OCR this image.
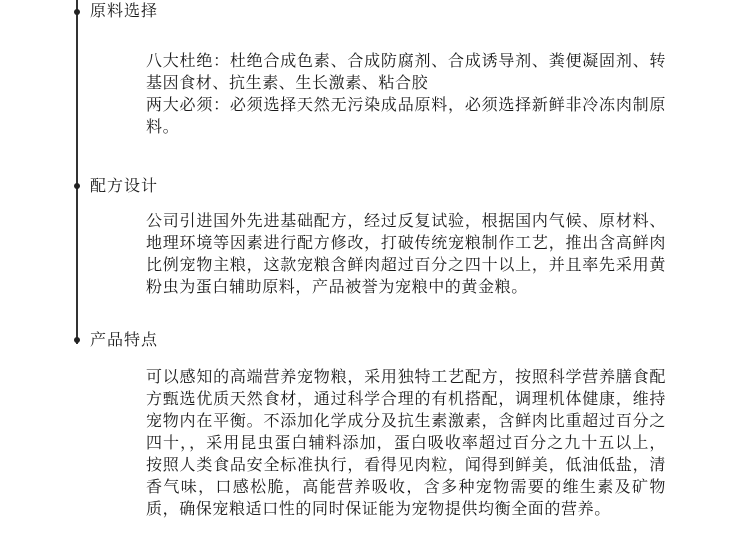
原料选择

八大杜绝：杜绝合成色素、合成防腐剂、合成诱导剂、粪便凝固剂、转基因食材、抗生素、生长激素、粘合胶

两大必须：必须选择天然无污染成品原料，必须选择新鲜非冷冻肉制原料。

配方设计

公司引进国外先进基础配方，经过反复试验，根据国内气候、原材料、地理环境等因素进行配方修改，打破传统宠粮制作工艺，推出含高鲜肉比例宠物主粮，这款宠粮含鲜肉超过百分之四十以上，并且率先采用黄粉虫为蛋白辅助原料，产品被誉为宠粮中的黄金粮。

产品特点

可以感知的高端营养宠物粮，采用独特工艺配方，按照科学营养膳食配方甄选优质天然食材，通过科学合理的有机搭配，调理机体健康，维持宠物内在平衡。不添加化学成分及抗生素激素，含鲜肉比重超过百分之四十，，采用昆虫蛋白辅料添加，蛋白吸收率超过百分之九十五以上，按照人类食品安全标准执行，看得见肉粒，闻得到鲜美，低油低盐，清香气味，口感松脆，高能营养吸收，含多种宠物需要的维生素及矿物质，确保宠粮适口性的同时保证能为宠物提供均衡全面的营养。
